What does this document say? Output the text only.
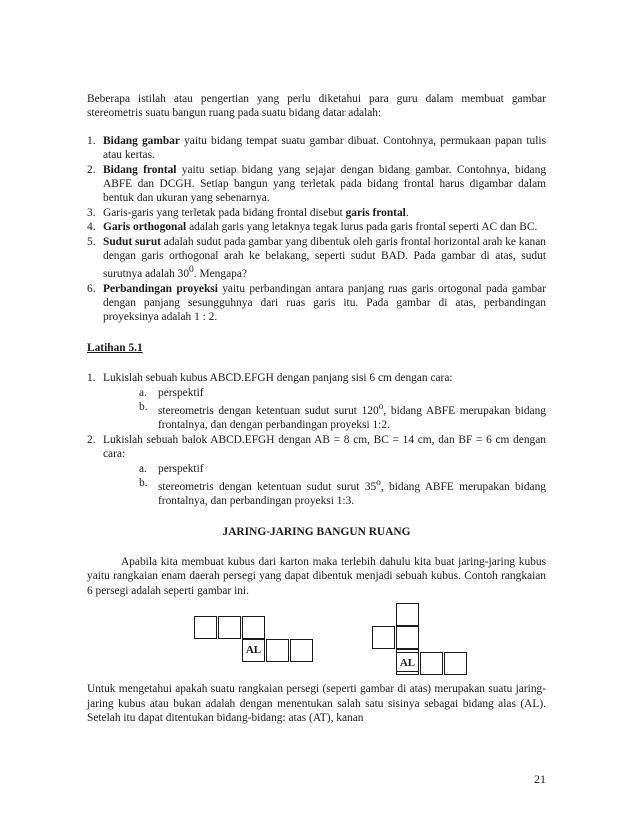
Beberapa istilah atau pengertian yang perlu diketahui para guru dalam membuat gambar stereometris suatu bangun ruang pada suatu bidang datar adalah:

1. Bidang gambar yaitu bidang tempat suatu gambar dibuat. Contohnya, permukaan papan tulis atau kertas.
2. Bidang frontal yaitu setiap bidang yang sejajar dengan bidang gambar. Contohnya, bidang ABFE dan DCGH. Setiap bangun yang terletak pada bidang frontal harus digambar dalam bentuk dan ukuran yang sebenarnya.
3. Garis-garis yang terletak pada bidang frontal disebut garis frontal.
4. Garis orthogonal adalah garis yang letaknya tegak lurus pada garis frontal seperti AC dan BC.
5. Sudut surut adalah sudut pada gambar yang dibentuk oleh garis frontal horizontal arah ke kanan dengan garis orthogonal arah ke belakang, seperti sudut BAD. Pada gambar di atas, sudut surutnya adalah $30^0$. Mengapa?
6. Perbandingan proyeksi yaitu perbandingan antara panjang ruas garis ortogonal pada gambar dengan panjang sesungguhnya dari ruas garis itu. Pada gambar di atas, perbandingan proyeksinya adalah 1 : 2.

Latihan 5.1

1. Lukislah sebuah kubus ABCD.EFGH dengan panjang sisi 6 cm dengan cara:
a. perspektif
b. stereometris dengan ketentuan sudut surut 120$^o$, bidang ABFE merupakan bidang frontalnya, dan dengan perbandingan proyeksi 1:2.
2. Lukislah sebuah balok ABCD.EFGH dengan AB = 8 cm, BC = 14 cm, dan BF = 6 cm dengan cara:
a. perspektif
b. stereometris dengan ketentuan sudut surut 35$^o$, bidang ABFE merupakan bidang frontalnya, dan perbandingan proyeksi 1:3.

JARING-JARING BANGUN RUANG

Apabila kita membuat kubus dari karton maka terlebih dahulu kita buat jaring-jaring kubus yaitu rangkaian enam daerah persegi yang dapat dibentuk menjadi sebuah kubus. Contoh rangkaian 6 persegi adalah seperti gambar ini.

AL
AL

Untuk mengetahui apakah suatu rangkaian persegi (seperti gambar di atas) merupakan suatu jaring-jaring kubus atau bukan adalah dengan menentukan salah satu sisinya sebagai bidang alas (AL). Setelah itu dapat ditentukan bidang-bidang: atas (AT), kanan

21
